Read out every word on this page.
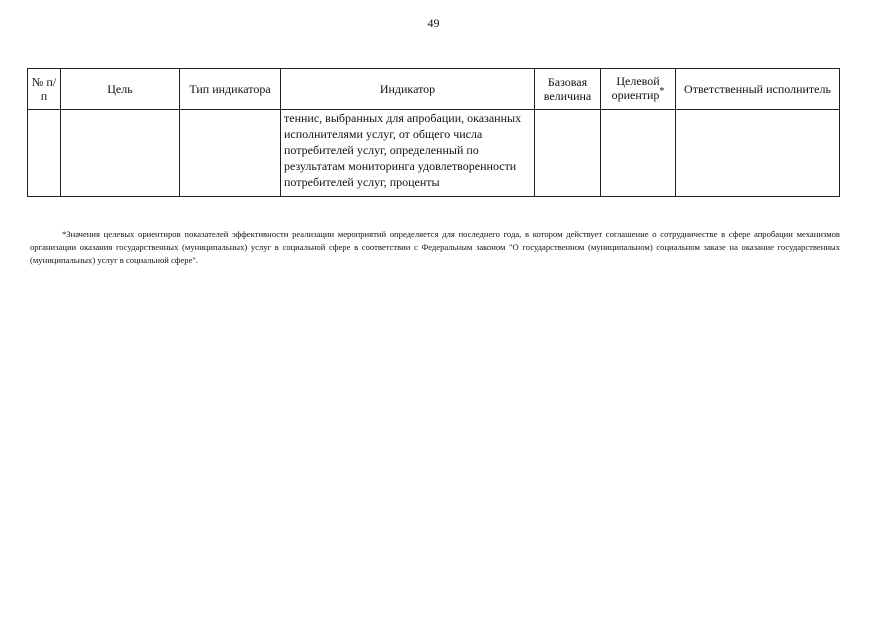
49
№ п/п	Цель	Тип индикатора	Индикатор	Базовая величина	Целевой ориентир*	Ответственный исполнитель
			теннис, выбранных для апробации, оказанных исполнителями услуг, от общего числа потребителей услуг, определенный по результатам мониторинга удовлетворенности потребителей услуг, проценты			

*Значения целевых ориентиров показателей эффективности реализации мероприятий определяется для последнего года, в котором действует соглашение о сотрудничестве в сфере апробации механизмов организации оказания государственных (муниципальных) услуг в социальной сфере в соответствии с Федеральным законом "О государственном (муниципальном) социальном заказе на оказание государственных (муниципальных) услуг в социальной сфере".
